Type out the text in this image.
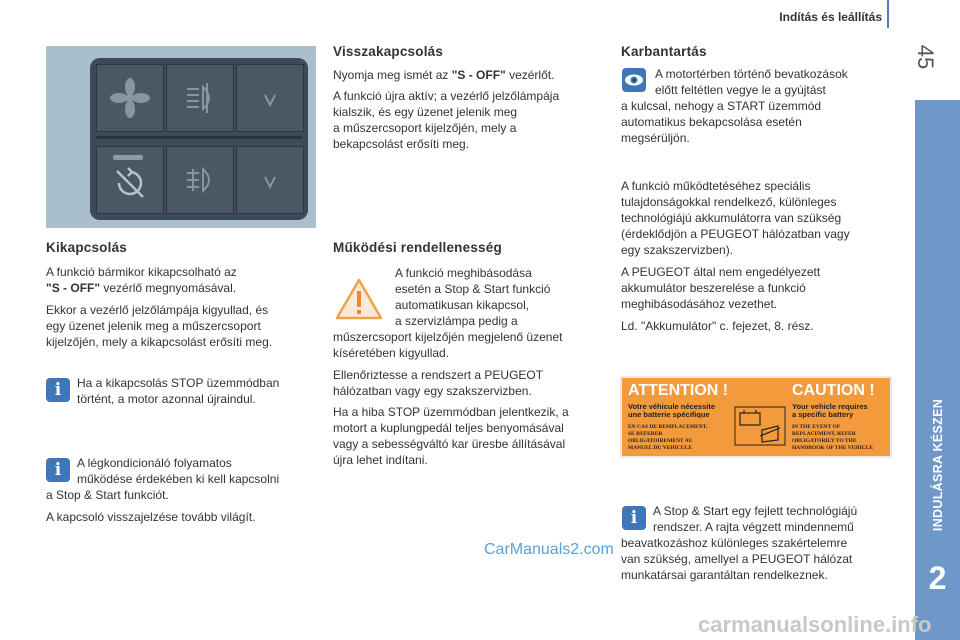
Indítás és leállítás
45
INDULÁSRA KÉSZEN
2
Kikapcsolás

A funkció bármikor kikapcsolható az

"S - OFF" vezérlő megnyomásával.

Ekkor a vezérlő jelzőlámpája kigyullad, és

egy üzenet jelenik meg a műszercsoport

kijelzőjén, mely a kikapcsolást erősíti meg.

i	Ha a kikapcsolás STOP üzemmódban

történt, a motor azonnal újraindul.

i	A légkondicionáló folyamatos

működése érdekében ki kell kapcsolni

a Stop & Start funkciót.

A kapcsoló visszajelzése tovább világít.

Visszakapcsolás

Nyomja meg ismét az "S - OFF" vezérlőt.

A funkció újra aktív; a vezérlő jelzőlámpája

kialszik, és egy üzenet jelenik meg

a műszercsoport kijelzőjén, mely a

bekapcsolást erősíti meg.

Működési rendellenesség

A funkció meghibásodása

esetén a Stop & Start funkció

automatikusan kikapcsol,

a szervizlámpa pedig a

műszercsoport kijelzőjén megjelenő üzenet

kíséretében kigyullad.

Ellenőriztesse a rendszert a PEUGEOT

hálózatban vagy egy szakszervizben.

Ha a hiba STOP üzemmódban jelentkezik, a

motort a kuplungpedál teljes benyomásával

vagy a sebességváltó kar üresbe állításával

újra lehet indítani.

Karbantartás

A motortérben történő bevatkozások

előtt feltétlen vegye le a gyújtást

a kulcsal, nehogy a START üzemmód

automatikus bekapcsolása esetén

megsérüljön.

A funkció működtetéséhez speciális

tulajdonságokkal rendelkező, különleges

technológiájú akkumulátorra van szükség

(érdeklődjön a PEUGEOT hálózatban vagy

egy szakszervizben).

A PEUGEOT által nem engedélyezett

akkumulátor beszerelése a funkció

meghibásodásához vezethet.

Ld. "Akkumulátor" c. fejezet, 8. rész.

ATTENTION !	CAUTION !
Votre véhicule nécessite
une batterie spécifique
Your vehicle requires
a specific battery
EN CAS DE REMPLACEMENT,
SE REFERER
OBLIGATOIREMENT AU
MANUEL DU VEHICULE
IN THE EVENT OF
REPLACEMENT, REFER
OBLIGATORILY TO THE
HANDBOOK OF THE VEHICLE
i	A Stop & Start egy fejlett technológiájú

rendszer. A rajta végzett mindennemű

beavatkozáshoz különleges szakértelemre

van szükség, amellyel a PEUGEOT hálózat

munkatársai garantáltan rendelkeznek.

CarManuals2.com
carmanualsonline.info
